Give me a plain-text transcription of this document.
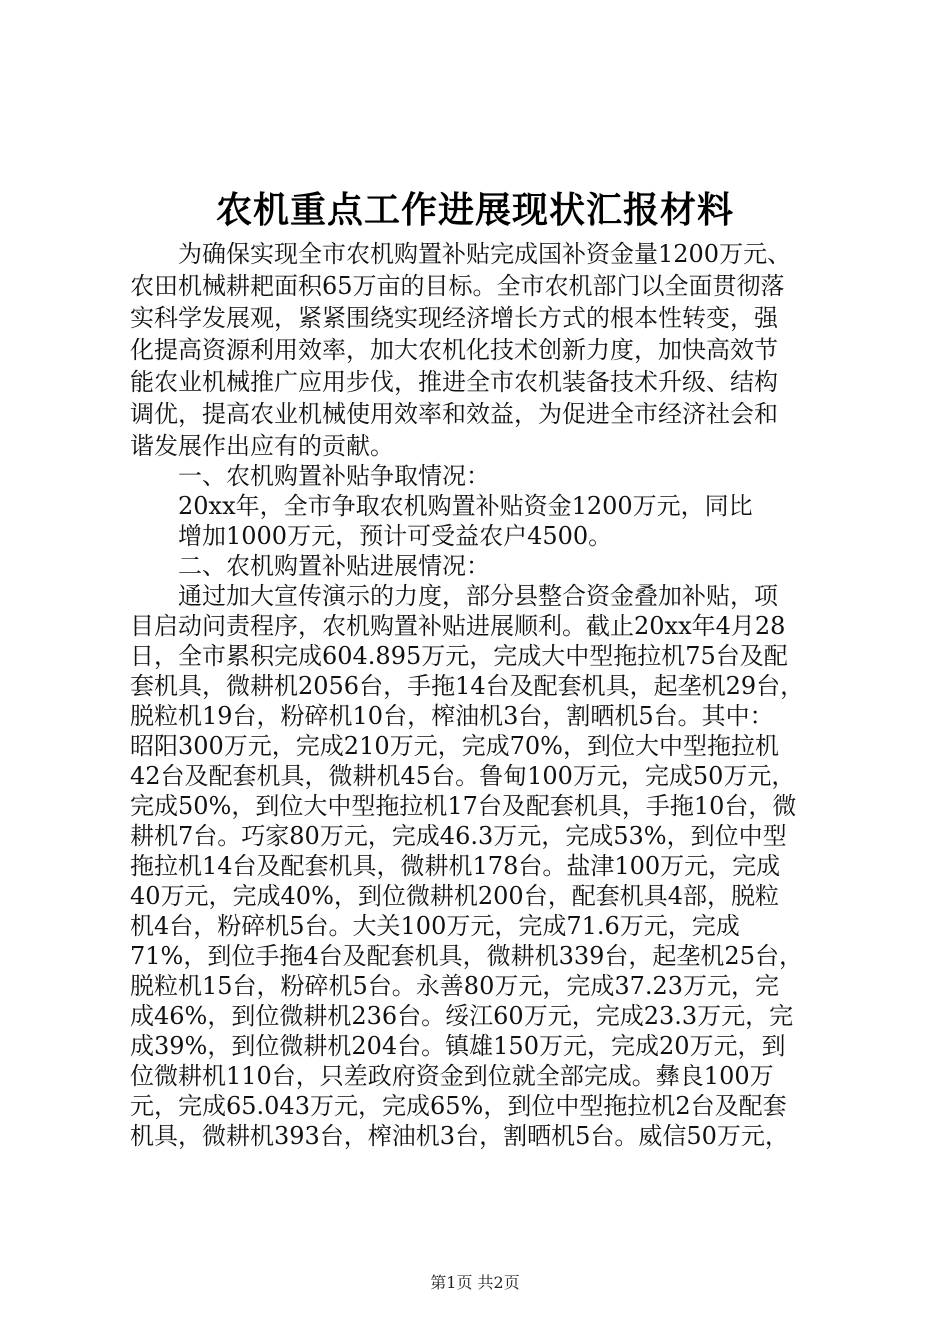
农机重点工作进展现状汇报材料
　　为确保实现全市农机购置补贴完成国补资金量1200万元、
农田机械耕耙面积65万亩的目标。全市农机部门以全面贯彻落
实科学发展观，紧紧围绕实现经济增长方式的根本性转变，强
化提高资源利用效率，加大农机化技术创新力度，加快高效节
能农业机械推广应用步伐，推进全市农机装备技术升级、结构
调优，提高农业机械使用效率和效益，为促进全市经济社会和
谐发展作出应有的贡献。
　　一、农机购置补贴争取情况：
　　20xx年，全市争取农机购置补贴资金1200万元，同比
　　增加1000万元，预计可受益农户4500。
　　二、农机购置补贴进展情况：
　　通过加大宣传演示的力度，部分县整合资金叠加补贴，项
目启动问责程序，农机购置补贴进展顺利。截止20xx年4月28
日，全市累积完成604.895万元，完成大中型拖拉机75台及配
套机具，微耕机2056台，手拖14台及配套机具，起垄机29台，
脱粒机19台，粉碎机10台，榨油机3台，割晒机5台。其中：
昭阳300万元，完成210万元，完成70%，到位大中型拖拉机
42台及配套机具，微耕机45台。鲁甸100万元，完成50万元，
完成50%，到位大中型拖拉机17台及配套机具，手拖10台，微
耕机7台。巧家80万元，完成46.3万元，完成53%，到位中型
拖拉机14台及配套机具，微耕机178台。盐津100万元，完成
40万元，完成40%，到位微耕机200台，配套机具4部，脱粒
机4台，粉碎机5台。大关100万元，完成71.6万元，完成
71%，到位手拖4台及配套机具，微耕机339台，起垄机25台，
脱粒机15台，粉碎机5台。永善80万元，完成37.23万元，完
成46%，到位微耕机236台。绥江60万元，完成23.3万元，完
成39%，到位微耕机204台。镇雄150万元，完成20万元，到
位微耕机110台，只差政府资金到位就全部完成。彝良100万
元，完成65.043万元，完成65%，到位中型拖拉机2台及配套
机具，微耕机393台，榨油机3台，割晒机5台。威信50万元，
第1页 共2页
